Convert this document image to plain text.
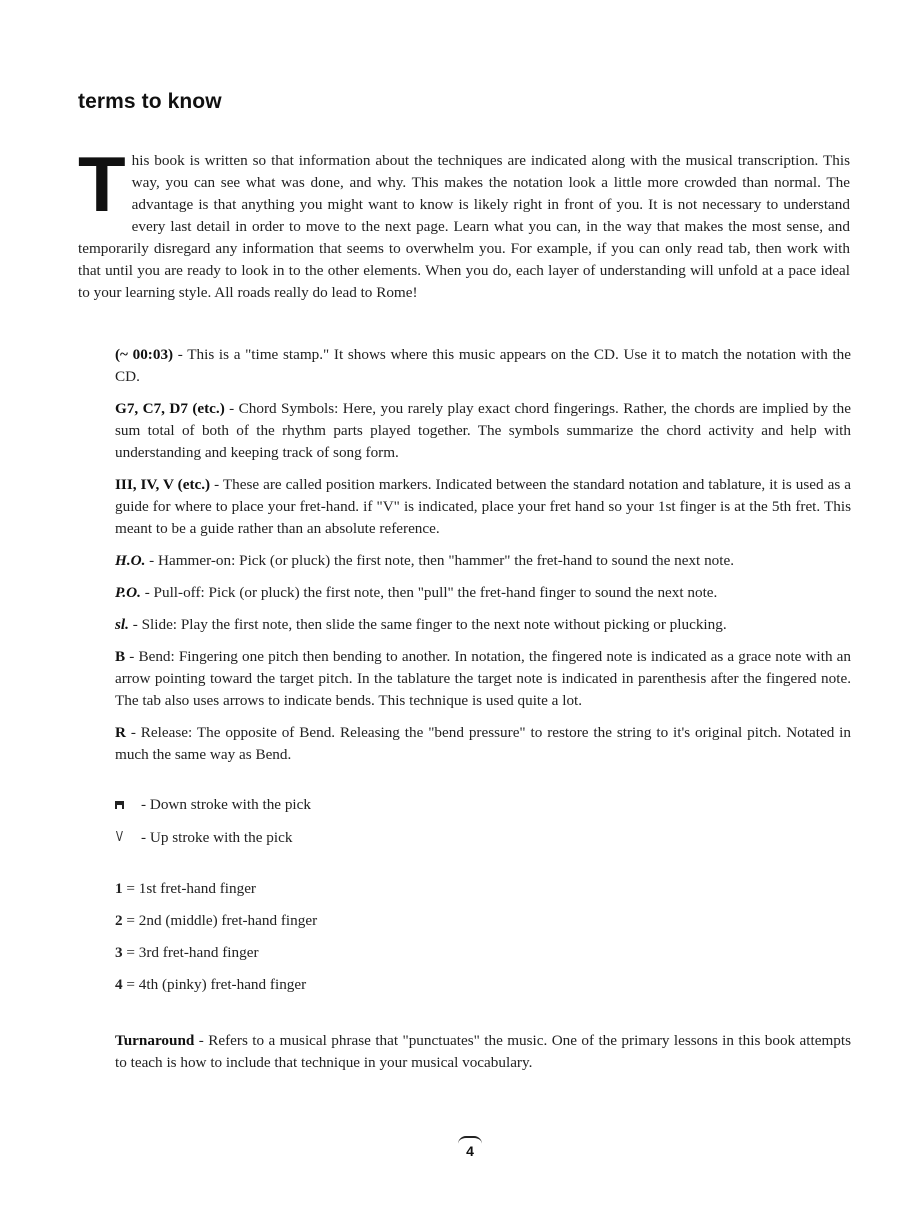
terms to know
This book is written so that information about the techniques are indicated along with the musical transcription. This way, you can see what was done, and why. This makes the notation look a little more crowded than normal. The advantage is that anything you might want to know is likely right in front of you. It is not necessary to understand every last detail in order to move to the next page. Learn what you can, in the way that makes the most sense, and temporarily disregard any information that seems to overwhelm you. For example, if you can only read tab, then work with that until you are ready to look in to the other elements. When you do, each layer of understanding will unfold at a pace ideal to your learning style. All roads really do lead to Rome!

(~ 00:03) - This is a "time stamp." It shows where this music appears on the CD. Use it to match the notation with the CD.

G7, C7, D7 (etc.) - Chord Symbols: Here, you rarely play exact chord fingerings. Rather, the chords are implied by the sum total of both of the rhythm parts played together. The symbols summarize the chord activity and help with understanding and keeping track of song form.

III, IV, V (etc.) - These are called position markers. Indicated between the standard notation and tablature, it is used as a guide for where to place your fret-hand. if "V" is indicated, place your fret hand so your 1st finger is at the 5th fret. This meant to be a guide rather than an absolute reference.

H.O. - Hammer-on: Pick (or pluck) the first note, then "hammer" the fret-hand to sound the next note.

P.O. - Pull-off: Pick (or pluck) the first note, then "pull" the fret-hand finger to sound the next note.

sl. - Slide: Play the first note, then slide the same finger to the next note without picking or plucking.

B - Bend: Fingering one pitch then bending to another. In notation, the fingered note is indicated as a grace note with an arrow pointing toward the target pitch. In the tablature the target note is indicated in parenthesis after the fingered note. The tab also uses arrows to indicate bends. This technique is used quite a lot.

R - Release: The opposite of Bend. Releasing the "bend pressure" to restore the string to it's original pitch. Notated in much the same way as Bend.

- Down stroke with the pick
V	- Up stroke with the pick

1 = 1st fret-hand finger

2 = 2nd (middle) fret-hand finger

3 = 3rd fret-hand finger

4 = 4th (pinky) fret-hand finger

Turnaround - Refers to a musical phrase that "punctuates" the music. One of the primary lessons in this book attempts to teach is how to include that technique in your musical vocabulary.

4
